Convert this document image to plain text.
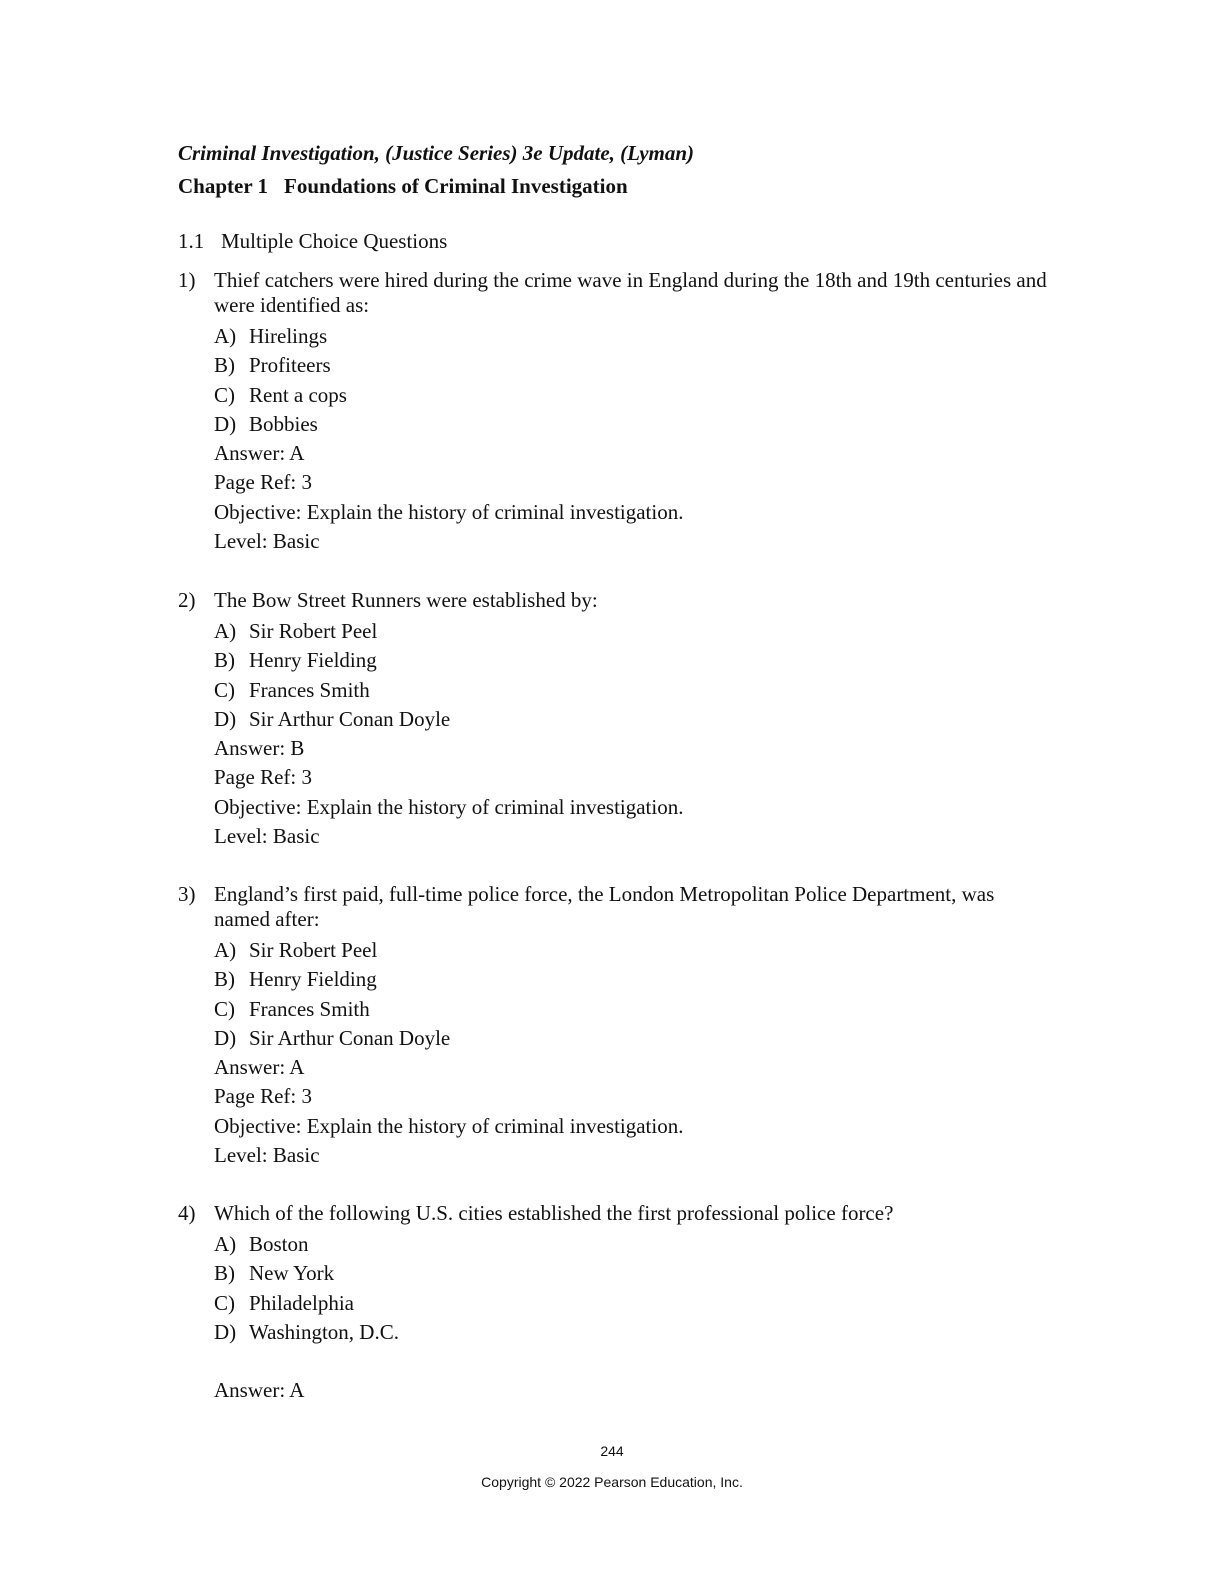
Criminal Investigation, (Justice Series) 3e Update, (Lyman)
Chapter 1 Foundations of Criminal Investigation
1.1 Multiple Choice Questions
1) Thief catchers were hired during the crime wave in England during the 18th and 19th centuries and were identified as:
A) Hirelings
B) Profiteers
C) Rent a cops
D) Bobbies
Answer: A
Page Ref: 3
Objective: Explain the history of criminal investigation.
Level: Basic
2) The Bow Street Runners were established by:
A) Sir Robert Peel
B) Henry Fielding
C) Frances Smith
D) Sir Arthur Conan Doyle
Answer: B
Page Ref: 3
Objective: Explain the history of criminal investigation.
Level: Basic
3) England’s first paid, full-time police force, the London Metropolitan Police Department, was named after:
A) Sir Robert Peel
B) Henry Fielding
C) Frances Smith
D) Sir Arthur Conan Doyle
Answer: A
Page Ref: 3
Objective: Explain the history of criminal investigation.
Level: Basic
4) Which of the following U.S. cities established the first professional police force?
A) Boston
B) New York
C) Philadelphia
D) Washington, D.C.
Answer: A
244
Copyright © 2022 Pearson Education, Inc.
